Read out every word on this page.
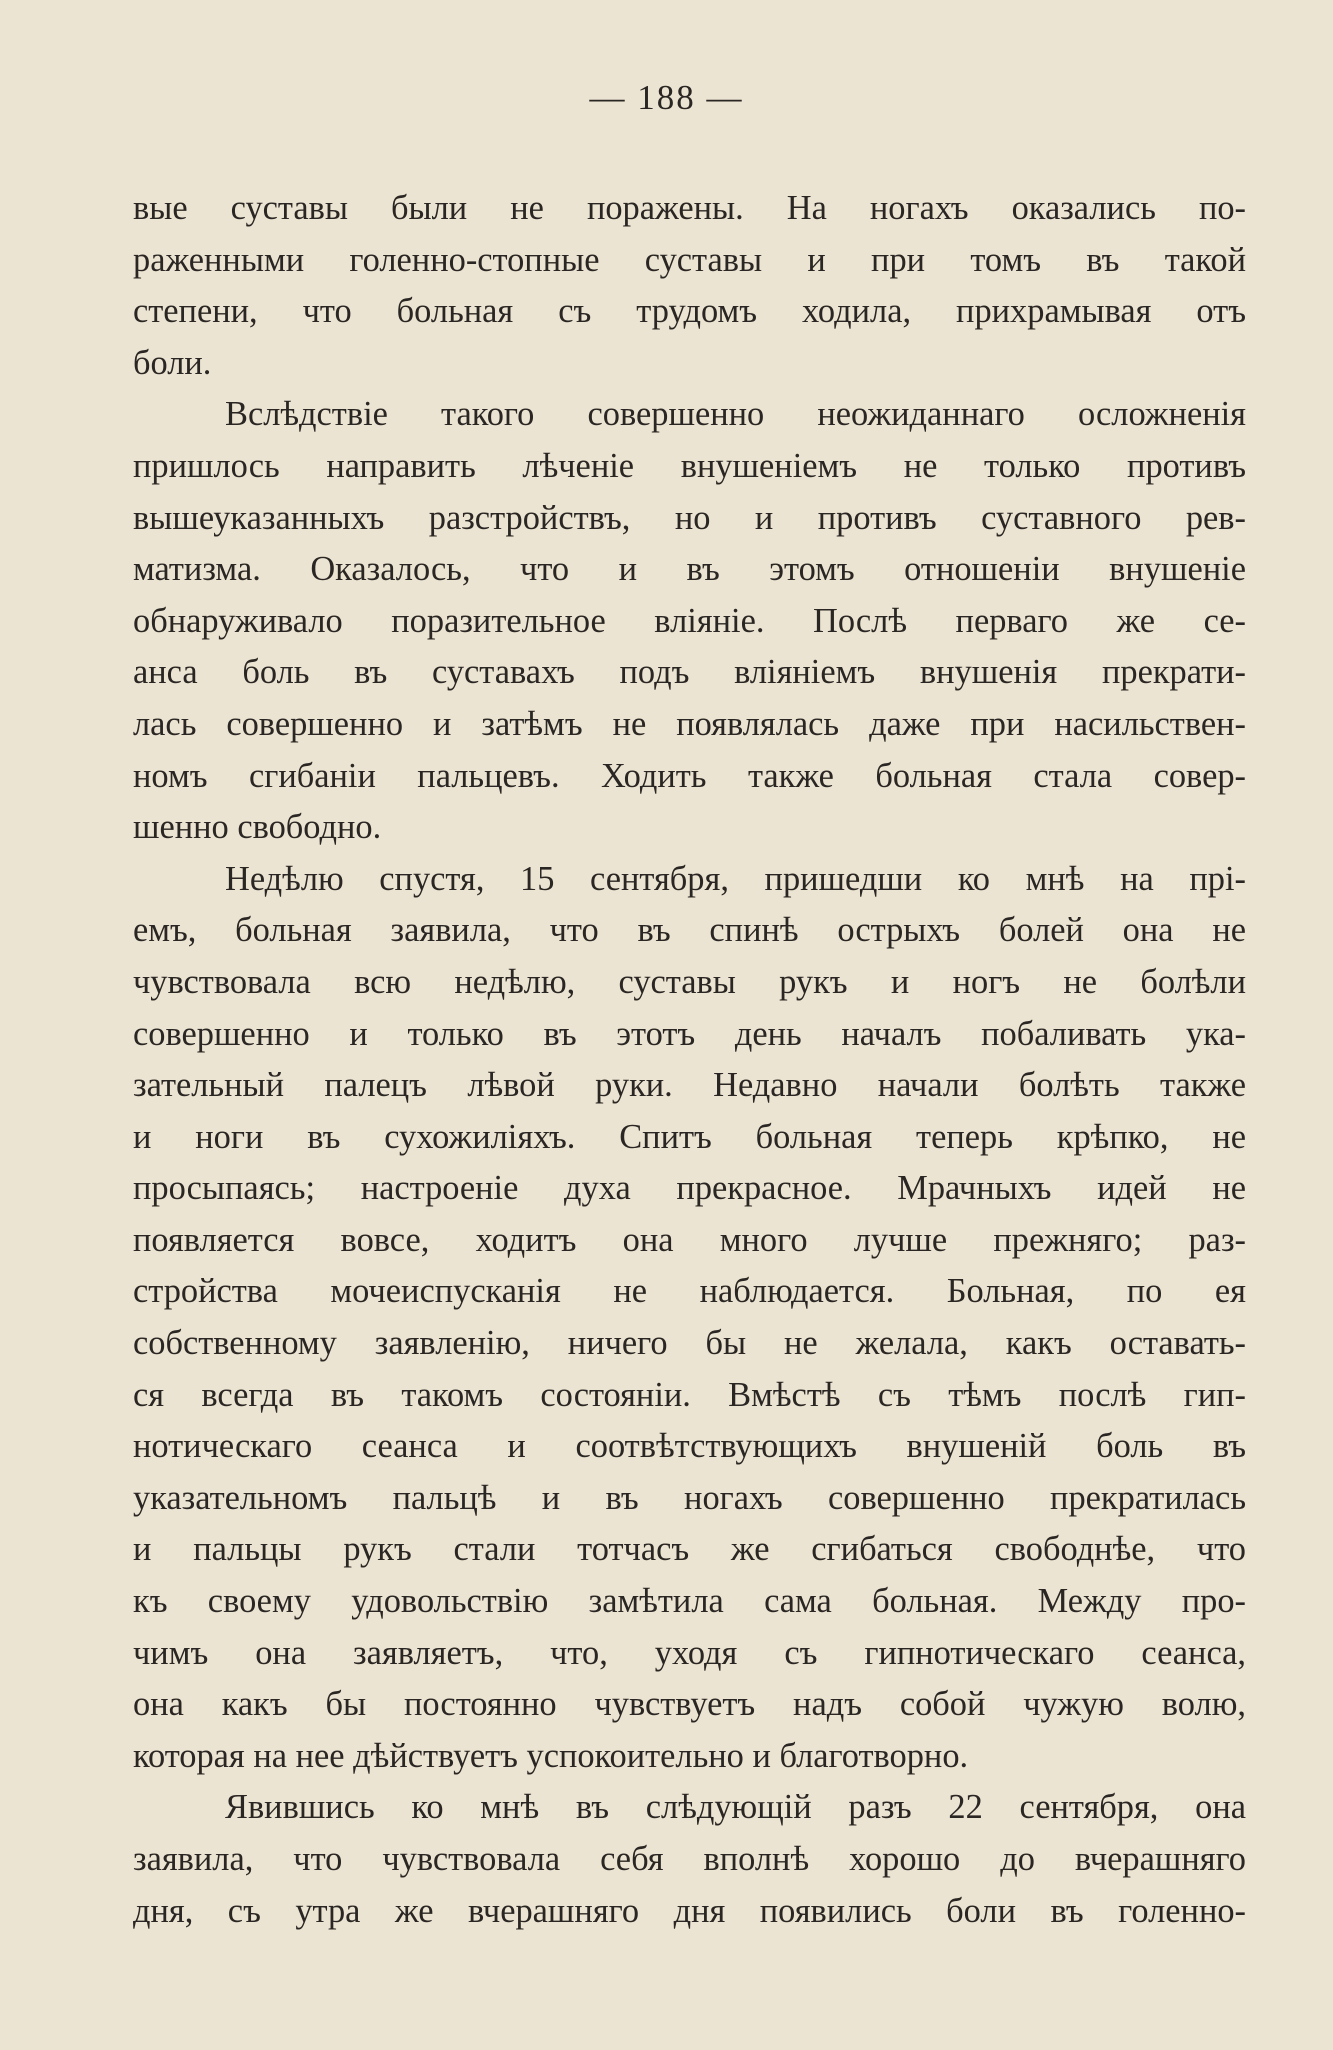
— 188 —
вые суставы были не поражены. На ногахъ оказались по-
раженными голенно-стопные суставы и при томъ въ такой
степени, что больная съ трудомъ ходила, прихрамывая отъ
боли.
Вслѣдствіе такого совершенно неожиданнаго осложненія
пришлось направить лѣченіе внушеніемъ не только противъ
вышеуказанныхъ разстройствъ, но и противъ суставного рев-
матизма. Оказалось, что и въ этомъ отношеніи внушеніе
обнаруживало поразительное вліяніе. Послѣ перваго же се-
анса боль въ суставахъ подъ вліяніемъ внушенія прекрати-
лась совершенно и затѣмъ не появлялась даже при насильствен-
номъ сгибаніи пальцевъ. Ходить также больная стала совер-
шенно свободно.
Недѣлю спустя, 15 сентября, пришедши ко мнѣ на прі-
емъ, больная заявила, что въ спинѣ острыхъ болей она не
чувствовала всю недѣлю, суставы рукъ и ногъ не болѣли
совершенно и только въ этотъ день началъ побаливать ука-
зательный палецъ лѣвой руки. Недавно начали болѣть также
и ноги въ сухожиліяхъ. Спитъ больная теперь крѣпко, не
просыпаясь; настроеніе духа прекрасное. Мрачныхъ идей не
появляется вовсе, ходитъ она много лучше прежняго; раз-
стройства мочеиспусканія не наблюдается. Больная, по ея
собственному заявленію, ничего бы не желала, какъ оставать-
ся всегда въ такомъ состояніи. Вмѣстѣ съ тѣмъ послѣ гип-
нотическаго сеанса и соотвѣтствующихъ внушеній боль въ
указательномъ пальцѣ и въ ногахъ совершенно прекратилась
и пальцы рукъ стали тотчасъ же сгибаться свободнѣе, что
къ своему удовольствію замѣтила сама больная. Между про-
чимъ она заявляетъ, что, уходя съ гипнотическаго сеанса,
она какъ бы постоянно чувствуетъ надъ собой чужую волю,
которая на нее дѣйствуетъ успокоительно и благотворно.
Явившись ко мнѣ въ слѣдующій разъ 22 сентября, она
заявила, что чувствовала себя вполнѣ хорошо до вчерашняго
дня, съ утра же вчерашняго дня появились боли въ голенно-
